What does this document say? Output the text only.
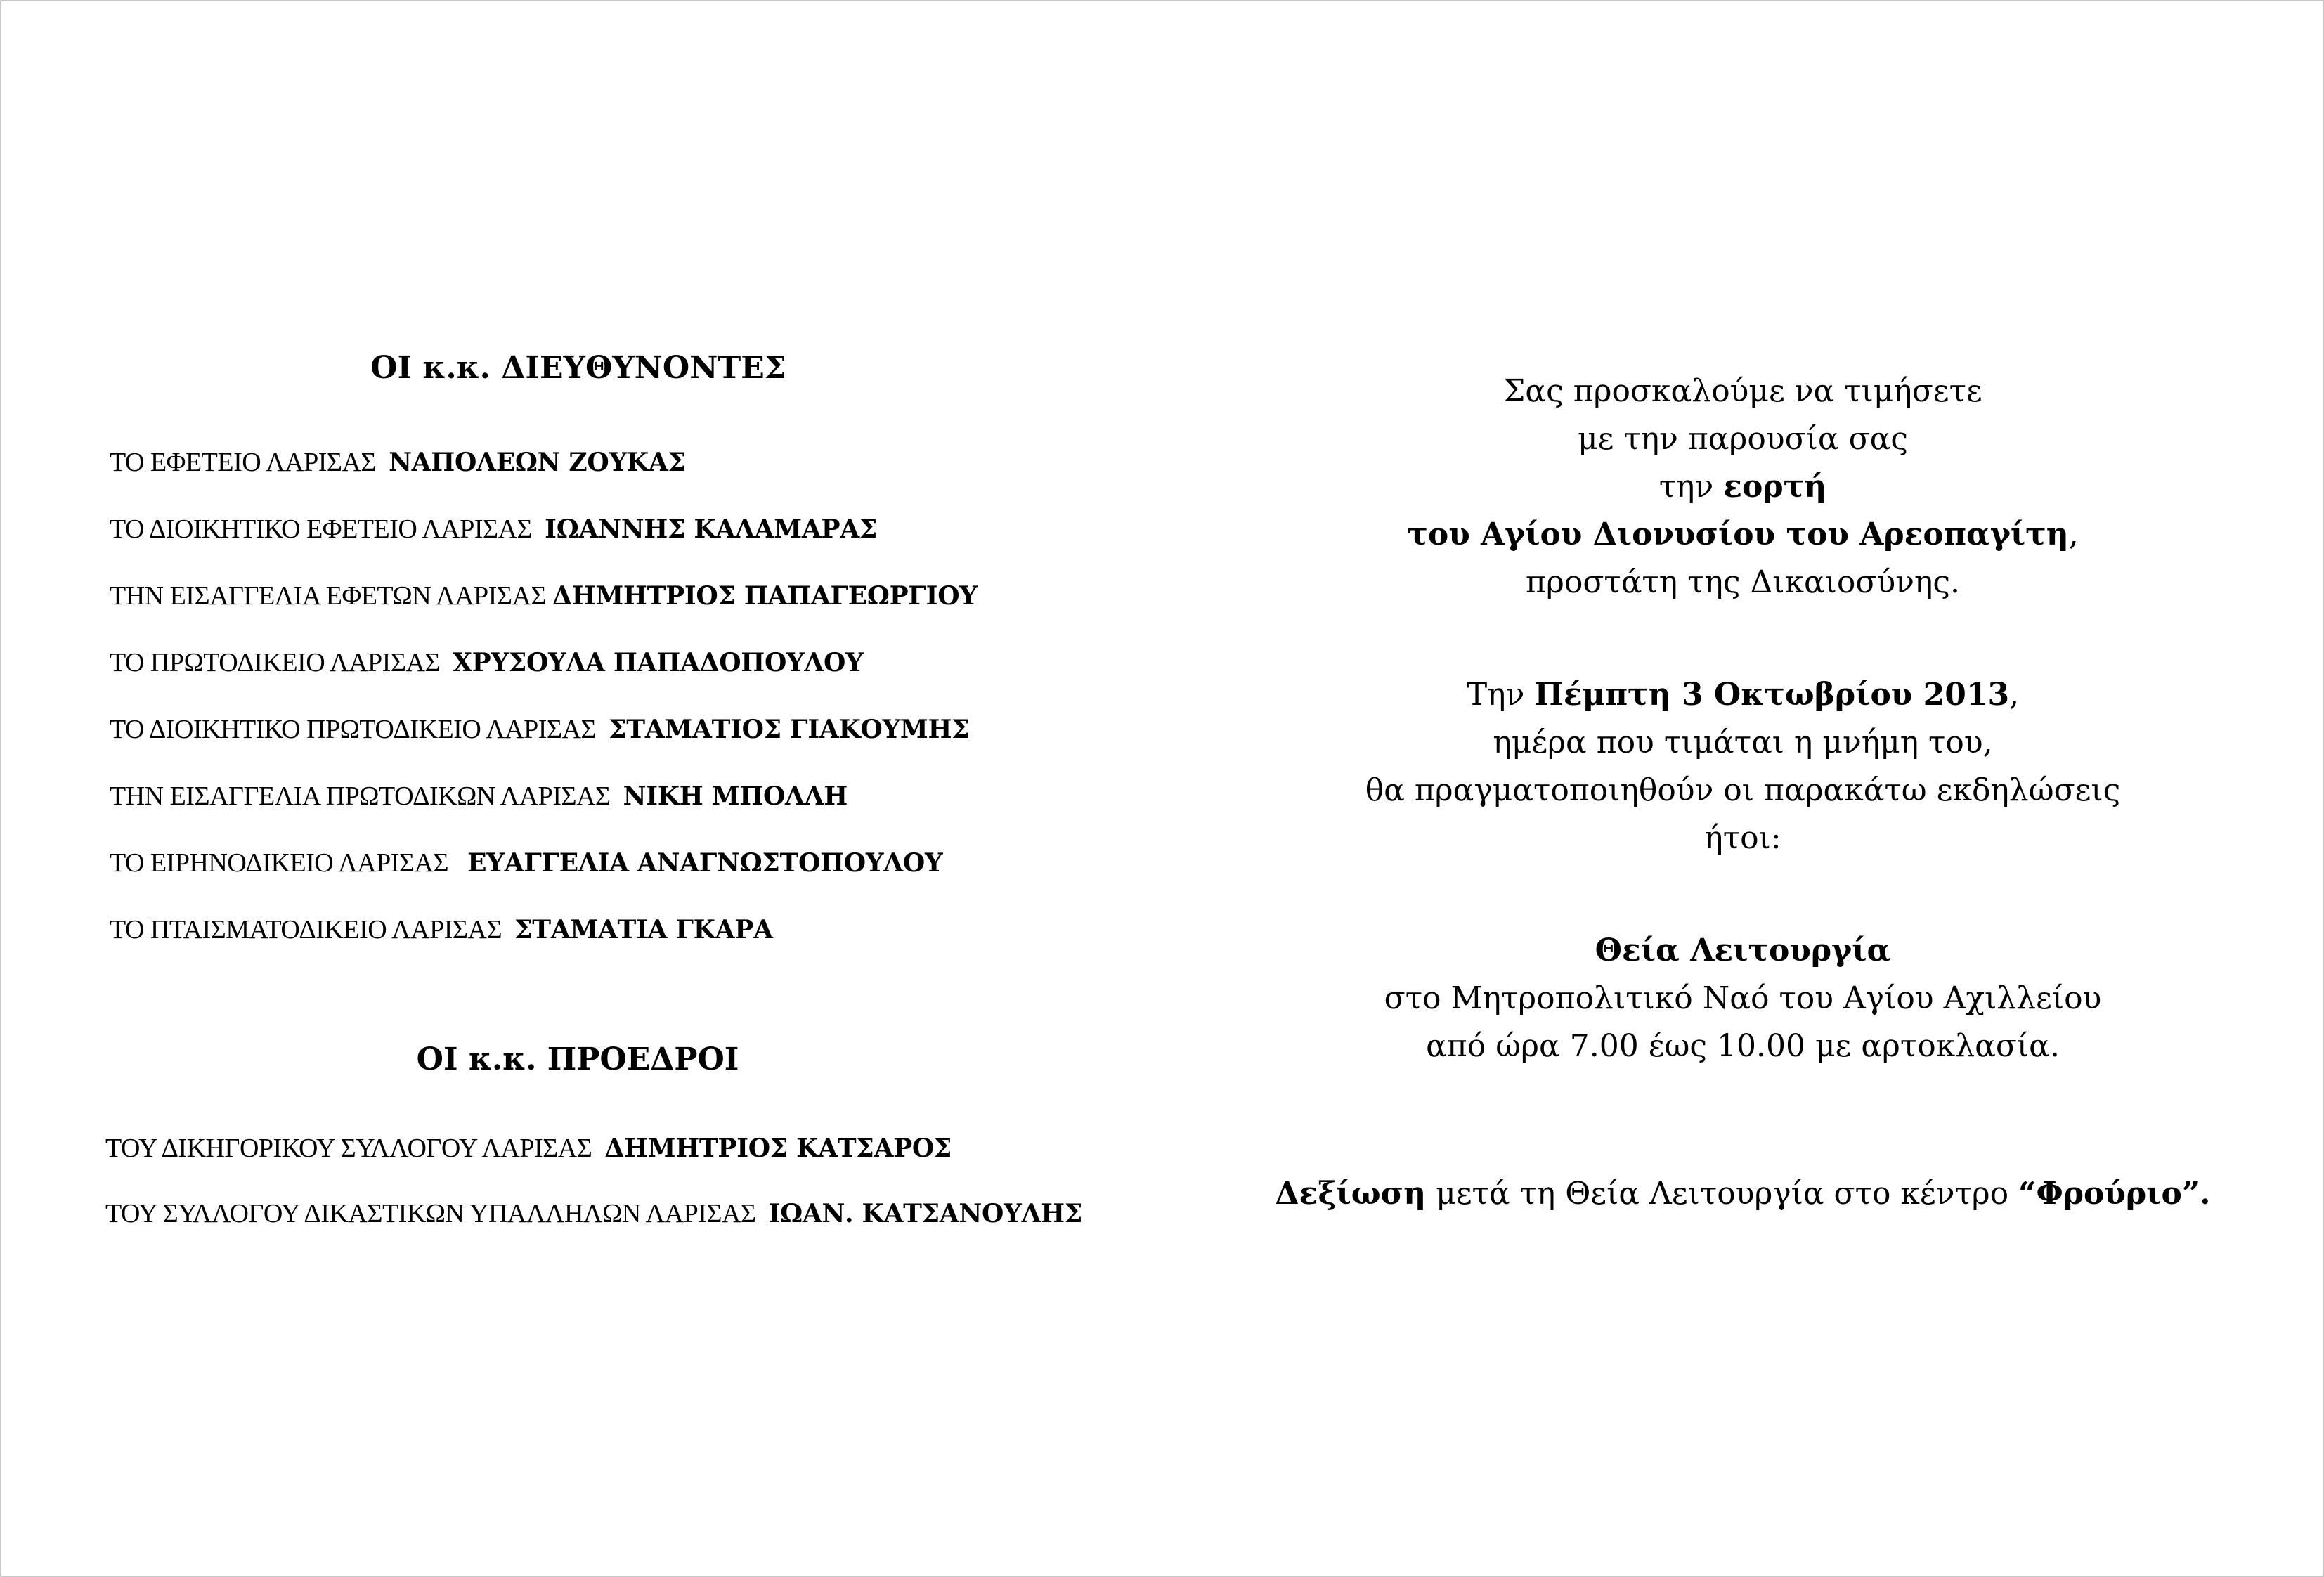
ΟΙ κ.κ. ΔΙΕΥΘΥΝΟΝΤΕΣ
ΤΟ ΕΦΕΤΕΙΟ ΛΑΡΙΣΑΣ ΝΑΠΟΛΕΩΝ ΖΟΥΚΑΣ
ΤΟ ΔΙΟΙΚΗΤΙΚΟ ΕΦΕΤΕΙΟ ΛΑΡΙΣΑΣ ΙΩΑΝΝΗΣ ΚΑΛΑΜΑΡΑΣ
ΤΗΝ ΕΙΣΑΓΓΕΛΙΑ ΕΦΕΤΩΝ ΛΑΡΙΣΑΣ ΔΗΜΗΤΡΙΟΣ ΠΑΠΑΓΕΩΡΓΙΟΥ
ΤΟ ΠΡΩΤΟΔΙΚΕΙΟ ΛΑΡΙΣΑΣ ΧΡΥΣΟΥΛΑ ΠΑΠΑΔΟΠΟΥΛΟΥ
ΤΟ ΔΙΟΙΚΗΤΙΚΟ ΠΡΩΤΟΔΙΚΕΙΟ ΛΑΡΙΣΑΣ ΣΤΑΜΑΤΙΟΣ ΓΙΑΚΟΥΜΗΣ
ΤΗΝ ΕΙΣΑΓΓΕΛΙΑ ΠΡΩΤΟΔΙΚΩΝ ΛΑΡΙΣΑΣ ΝΙΚΗ ΜΠΟΛΛΗ
ΤΟ ΕΙΡΗΝΟΔΙΚΕΙΟ ΛΑΡΙΣΑΣ ΕΥΑΓΓΕΛΙΑ ΑΝΑΓΝΩΣΤΟΠΟΥΛΟΥ
ΤΟ ΠΤΑΙΣΜΑΤΟΔΙΚΕΙΟ ΛΑΡΙΣΑΣ ΣΤΑΜΑΤΙΑ ΓΚΑΡΑ
ΟΙ κ.κ. ΠΡΟΕΔΡΟΙ
ΤΟΥ ΔΙΚΗΓΟΡΙΚΟΥ ΣΥΛΛΟΓΟΥ ΛΑΡΙΣΑΣ ΔΗΜΗΤΡΙΟΣ ΚΑΤΣΑΡΟΣ
ΤΟΥ ΣΥΛΛΟΓΟΥ ΔΙΚΑΣΤΙΚΩΝ ΥΠΑΛΛΗΛΩΝ ΛΑΡΙΣΑΣ ΙΩΑΝ. ΚΑΤΣΑΝΟΥΛΗΣ
Σας προσκαλούμε να τιμήσετε
με την παρουσία σας
την εορτή
του Αγίου Διονυσίου του Αρεοπαγίτη,
προστάτη της Δικαιοσύνης.
Την Πέμπτη 3 Οκτωβρίου 2013,
ημέρα που τιμάται η μνήμη του,
θα πραγματοποιηθούν οι παρακάτω εκδηλώσεις
ήτοι:
Θεία Λειτουργία
στο Μητροπολιτικό Ναό του Αγίου Αχιλλείου
από ώρα 7.00 έως 10.00 με αρτοκλασία.
Δεξίωση μετά τη Θεία Λειτουργία στο κέντρο “Φρούριο”.
